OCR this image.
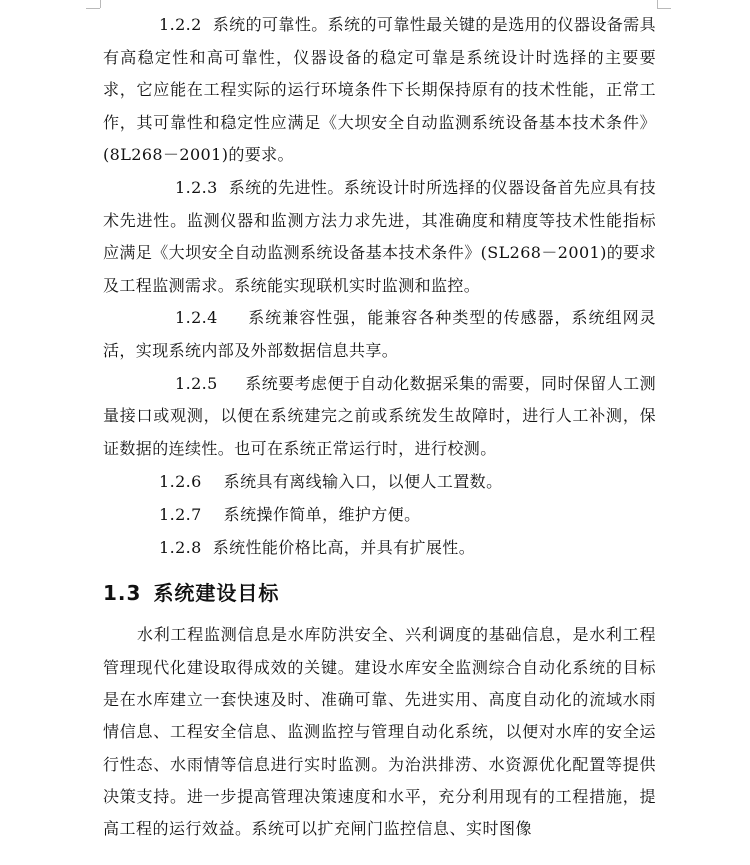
1.2.2 系统的可靠性。系统的可靠性最关键的是选用的仪器设备需具有高稳定性和高可靠性，仪器设备的稳定可靠是系统设计时选择的主要要求，它应能在工程实际的运行环境条件下长期保持原有的技术性能，正常工作，其可靠性和稳定性应满足《大坝安全自动监测系统设备基本技术条件》(8L268－2001)的要求。

1.2.3 系统的先进性。系统设计时所选择的仪器设备首先应具有技术先进性。监测仪器和监测方法力求先进，其准确度和精度等技术性能指标应满足《大坝安全自动监测系统设备基本技术条件》(SL268－2001)的要求及工程监测需求。系统能实现联机实时监测和监控。

1.2.4 系统兼容性强，能兼容各种类型的传感器，系统组网灵活，实现系统内部及外部数据信息共享。

1.2.5 系统要考虑便于自动化数据采集的需要，同时保留人工测量接口或观测，以便在系统建完之前或系统发生故障时，进行人工补测，保证数据的连续性。也可在系统正常运行时，进行校测。

1.2.6 系统具有离线输入口，以便人工置数。

1.2.7 系统操作简单，维护方便。

1.2.8 系统性能价格比高，并具有扩展性。

1.3 系统建设目标

水利工程监测信息是水库防洪安全、兴利调度的基础信息，是水利工程管理现代化建设取得成效的关键。建设水库安全监测综合自动化系统的目标是在水库建立一套快速及时、准确可靠、先进实用、高度自动化的流域水雨情信息、工程安全信息、监测监控与管理自动化系统，以便对水库的安全运行性态、水雨情等信息进行实时监测。为治洪排涝、水资源优化配置等提供决策支持。进一步提高管理决策速度和水平，充分利用现有的工程措施，提高工程的运行效益。系统可以扩充闸门监控信息、实时图像
